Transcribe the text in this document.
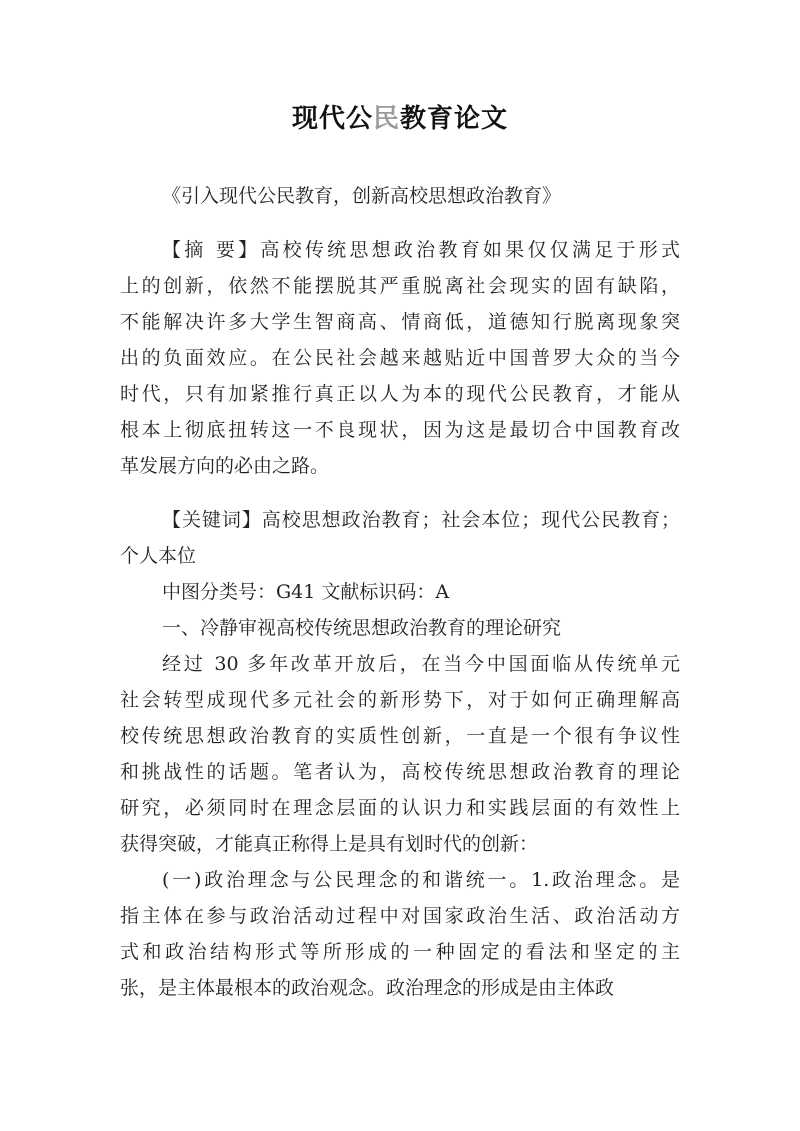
现代公民教育论文
《引入现代公民教育，创新高校思想政治教育》
【摘 要】高校传统思想政治教育如果仅仅满足于形式
上的创新，依然不能摆脱其严重脱离社会现实的固有缺陷，
不能解决许多大学生智商高、情商低，道德知行脱离现象突
出的负面效应。在公民社会越来越贴近中国普罗大众的当今
时代，只有加紧推行真正以人为本的现代公民教育，才能从
根本上彻底扭转这一不良现状，因为这是最切合中国教育改
革发展方向的必由之路。
【关键词】高校思想政治教育；社会本位；现代公民教育；
个人本位
中图分类号：G41 文献标识码：A
一、冷静审视高校传统思想政治教育的理论研究
经过 30 多年改革开放后，在当今中国面临从传统单元
社会转型成现代多元社会的新形势下，对于如何正确理解高
校传统思想政治教育的实质性创新，一直是一个很有争议性
和挑战性的话题。笔者认为，高校传统思想政治教育的理论
研究，必须同时在理念层面的认识力和实践层面的有效性上
获得突破，才能真正称得上是具有划时代的创新：
(一)政治理念与公民理念的和谐统一。1.政治理念。是
指主体在参与政治活动过程中对国家政治生活、政治活动方
式和政治结构形式等所形成的一种固定的看法和坚定的主
张，是主体最根本的政治观念。政治理念的形成是由主体政
